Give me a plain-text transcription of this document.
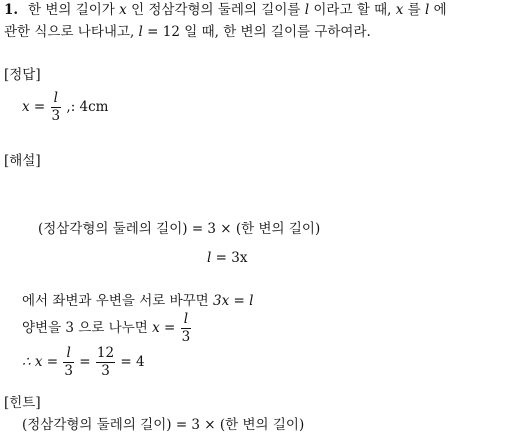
1. 한 변의 길이가 x 인 정삼각형의 둘레의 길이를 l 이라고 할 때, x 를 l 에
관한 식으로 나타내고, l = 12 일 때, 한 변의 길이를 구하여라.
[정답]
$x = \frac{l}{3}$ ,: 4cm
[해설]
(정삼각형의 둘레의 길이) = 3 × (한 변의 길이)
l = 3x
에서 좌변과 우변을 서로 바꾸면 3x = l
양변을 3 으로 나누면 $x = \frac{l}{3}$
∴ $x = \frac{l}{3} = \frac{12}{3} = 4$
[힌트]
(정삼각형의 둘레의 길이) = 3 × (한 변의 길이)
